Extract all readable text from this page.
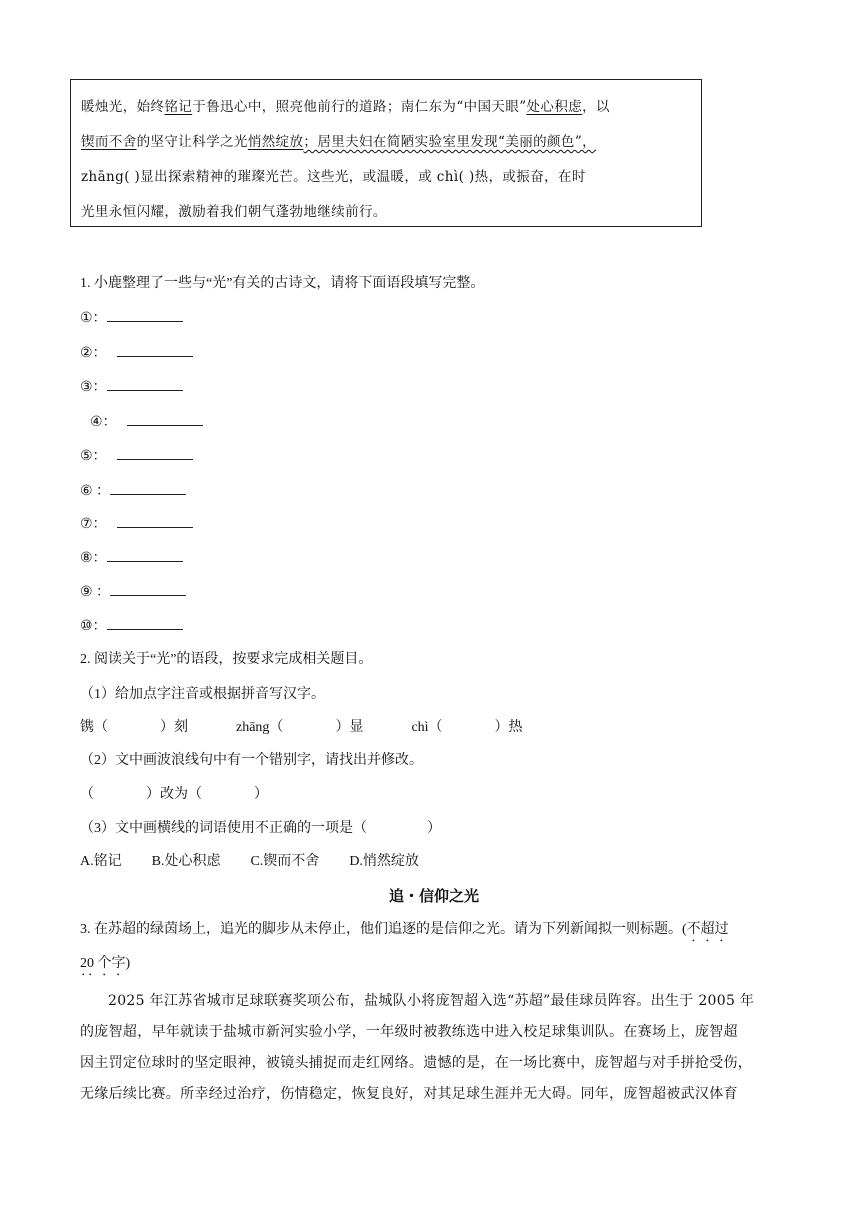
暖烛光，始终铭记于鲁迅心中，照亮他前行的道路；南仁东为“中国天眼”处心积虑，以

锲而不舍的坚守让科学之光悄然绽放；居里夫妇在简陋实验室里发现“美丽的颜色”，

zhāng( )显出探索精神的璀璨光芒。这些光，或温暖，或 chì( )热，或振奋，在时

光里永恒闪耀，激励着我们朝气蓬勃地继续前行。

1. 小鹿整理了一些与“光”有关的古诗文，请将下面语段填写完整。
①：
②：
③：
④：
⑤：
⑥ ：
⑦：
⑧：
⑨ ：
⑩：
2. 阅读关于“光”的语段，按要求完成相关题目。
（1）给加点字注音或根据拼音写汉字。
镌（	）刻	zhāng（	）显	chì（	）热
（2）文中画波浪线句中有一个错别字，请找出并修改。
（	）改为（	）
（3）文中画横线的词语使用不正确的一项是（	）
A.铭记 B.处心积虑 C.锲而不舍 D.悄然绽放
追・信仰之光
3. 在苏超的绿茵场上，追光的脚步从未停止，他们追逐的是信仰之光。请为下列新闻拟一则标题。(不超过
20 个字)

2025 年江苏省城市足球联赛奖项公布，盐城队小将庞智超入选“苏超”最佳球员阵容。出生于 2005 年

的庞智超，早年就读于盐城市新河实验小学，一年级时被教练选中进入校足球集训队。在赛场上，庞智超

因主罚定位球时的坚定眼神，被镜头捕捉而走红网络。遗憾的是，在一场比赛中，庞智超与对手拼抢受伤，

无缘后续比赛。所幸经过治疗，伤情稳定，恢复良好，对其足球生涯并无大碍。同年，庞智超被武汉体育
